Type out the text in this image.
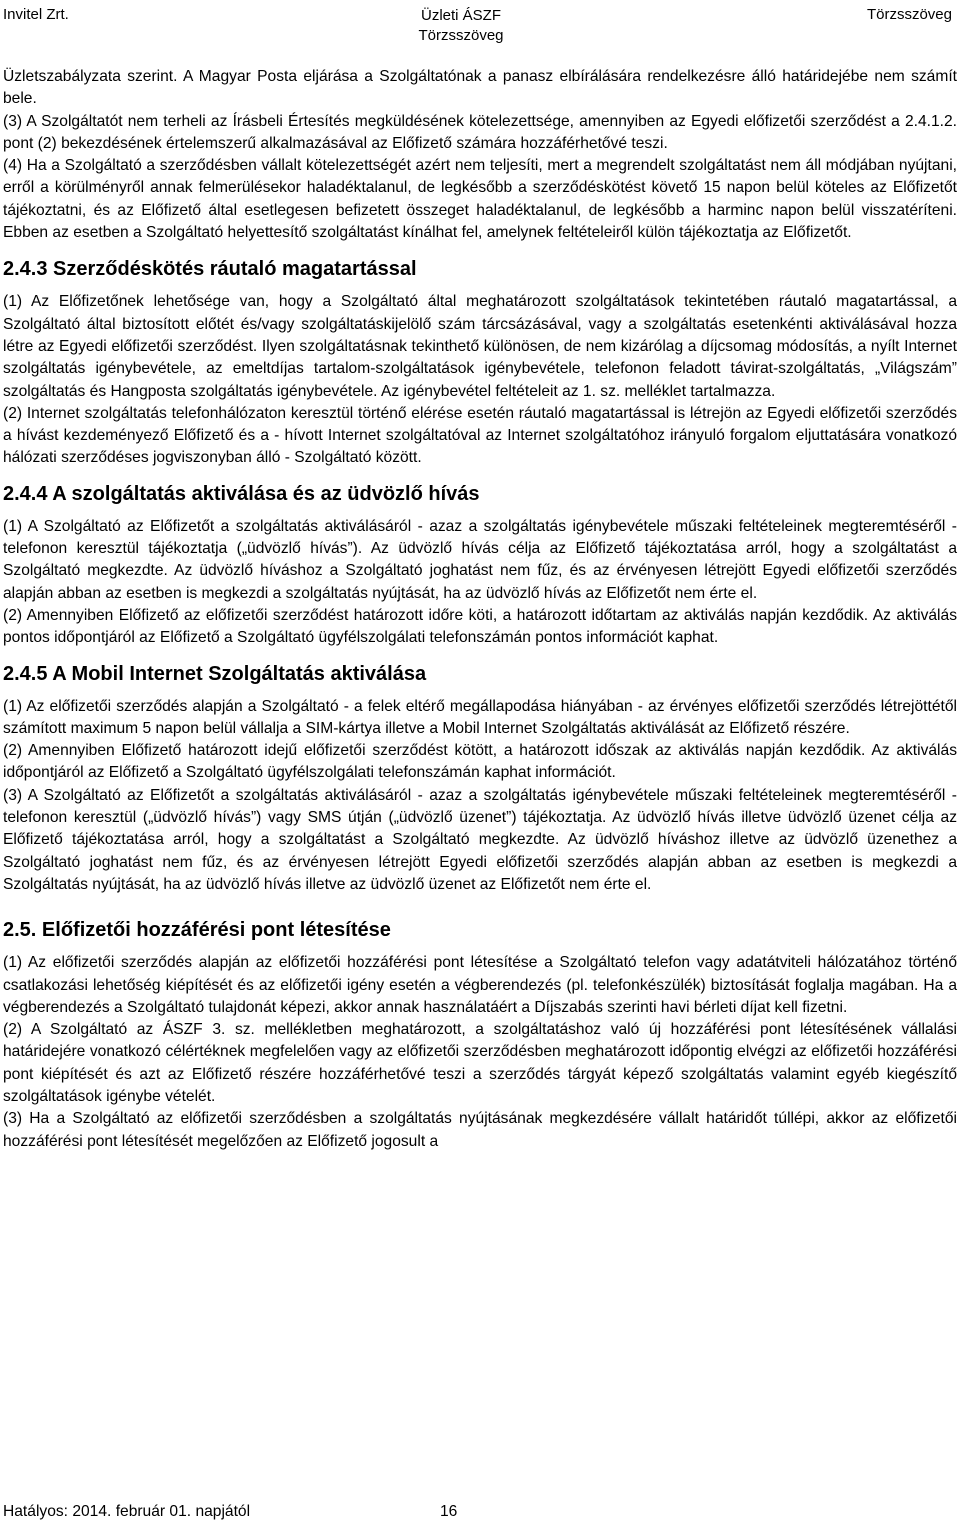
Invitel Zrt.	Üzleti ÁSZF
Törzsszöveg
Törzsszöveg

Üzletszabályzata szerint. A Magyar Posta eljárása a Szolgáltatónak a panasz elbírálására rendelkezésre álló határidejébe nem számít bele.

(3) A Szolgáltatót nem terheli az Írásbeli Értesítés megküldésének kötelezettsége, amennyiben az Egyedi előfizetői szerződést a 2.4.1.2. pont (2) bekezdésének értelemszerű alkalmazásával az Előfizető számára hozzáférhetővé teszi.

(4) Ha a Szolgáltató a szerződésben vállalt kötelezettségét azért nem teljesíti, mert a megrendelt szolgáltatást nem áll módjában nyújtani, erről a körülményről annak felmerülésekor haladéktalanul, de legkésőbb a szerződéskötést követő 15 napon belül köteles az Előfizetőt tájékoztatni, és az Előfizető által esetlegesen befizetett összeget haladéktalanul, de legkésőbb a harminc napon belül visszatéríteni. Ebben az esetben a Szolgáltató helyettesítő szolgáltatást kínálhat fel, amelynek feltételeiről külön tájékoztatja az Előfizetőt.

2.4.3 Szerződéskötés ráutaló magatartással

(1) Az Előfizetőnek lehetősége van, hogy a Szolgáltató által meghatározott szolgáltatások tekintetében ráutaló magatartással, a Szolgáltató által biztosított előtét és/vagy szolgáltatáskijelölő szám tárcsázásával, vagy a szolgáltatás esetenkénti aktiválásával hozza létre az Egyedi előfizetői szerződést. Ilyen szolgáltatásnak tekinthető különösen, de nem kizárólag a díjcsomag módosítás, a nyílt Internet szolgáltatás igénybevétele, az emeltdíjas tartalom-szolgáltatások igénybevétele, telefonon feladott távirat-szolgáltatás, „Világszám” szolgáltatás és Hangposta szolgáltatás igénybevétele. Az igénybevétel feltételeit az 1. sz. melléklet tartalmazza.

(2) Internet szolgáltatás telefonhálózaton keresztül történő elérése esetén ráutaló magatartással is létrejön az Egyedi előfizetői szerződés a hívást kezdeményező Előfizető és a - hívott Internet szolgáltatóval az Internet szolgáltatóhoz irányuló forgalom eljuttatására vonatkozó hálózati szerződéses jogviszonyban álló - Szolgáltató között.

2.4.4 A szolgáltatás aktiválása és az üdvözlő hívás

(1) A Szolgáltató az Előfizetőt a szolgáltatás aktiválásáról - azaz a szolgáltatás igénybevétele műszaki feltételeinek megteremtéséről - telefonon keresztül tájékoztatja („üdvözlő hívás”). Az üdvözlő hívás célja az Előfizető tájékoztatása arról, hogy a szolgáltatást a Szolgáltató megkezdte. Az üdvözlő híváshoz a Szolgáltató joghatást nem fűz, és az érvényesen létrejött Egyedi előfizetői szerződés alapján abban az esetben is megkezdi a szolgáltatás nyújtását, ha az üdvözlő hívás az Előfizetőt nem érte el.

(2) Amennyiben Előfizető az előfizetői szerződést határozott időre köti, a határozott időtartam az aktiválás napján kezdődik. Az aktiválás pontos időpontjáról az Előfizető a Szolgáltató ügyfélszolgálati telefonszámán pontos információt kaphat.

2.4.5 A Mobil Internet Szolgáltatás aktiválása

(1) Az előfizetői szerződés alapján a Szolgáltató - a felek eltérő megállapodása hiányában - az érvényes előfizetői szerződés létrejöttétől számított maximum 5 napon belül vállalja a SIM-kártya illetve a Mobil Internet Szolgáltatás aktiválását az Előfizető részére.

(2) Amennyiben Előfizető határozott idejű előfizetői szerződést kötött, a határozott időszak az aktiválás napján kezdődik. Az aktiválás időpontjáról az Előfizető a Szolgáltató ügyfélszolgálati telefonszámán kaphat információt.

(3) A Szolgáltató az Előfizetőt a szolgáltatás aktiválásáról - azaz a szolgáltatás igénybevétele műszaki feltételeinek megteremtéséről - telefonon keresztül („üdvözlő hívás”) vagy SMS útján („üdvözlő üzenet”) tájékoztatja. Az üdvözlő hívás illetve üdvözlő üzenet célja az Előfizető tájékoztatása arról, hogy a szolgáltatást a Szolgáltató megkezdte. Az üdvözlő híváshoz illetve az üdvözlő üzenethez a Szolgáltató joghatást nem fűz, és az érvényesen létrejött Egyedi előfizetői szerződés alapján abban az esetben is megkezdi a Szolgáltatás nyújtását, ha az üdvözlő hívás illetve az üdvözlő üzenet az Előfizetőt nem érte el.

2.5. Előfizetői hozzáférési pont létesítése

(1) Az előfizetői szerződés alapján az előfizetői hozzáférési pont létesítése a Szolgáltató telefon vagy adatátviteli hálózatához történő csatlakozási lehetőség kiépítését és az előfizetői igény esetén a végberendezés (pl. telefonkészülék) biztosítását foglalja magában. Ha a végberendezés a Szolgáltató tulajdonát képezi, akkor annak használatáért a Díjszabás szerinti havi bérleti díjat kell fizetni.

(2) A Szolgáltató az ÁSZF 3. sz. mellékletben meghatározott, a szolgáltatáshoz való új hozzáférési pont létesítésének vállalási határidejére vonatkozó célértéknek megfelelően vagy az előfizetői szerződésben meghatározott időpontig elvégzi az előfizetői hozzáférési pont kiépítését és azt az Előfizető részére hozzáférhetővé teszi a szerződés tárgyát képező szolgáltatás valamint egyéb kiegészítő szolgáltatások igénybe vételét.

(3) Ha a Szolgáltató az előfizetői szerződésben a szolgáltatás nyújtásának megkezdésére vállalt határidőt túllépi, akkor az előfizetői hozzáférési pont létesítését megelőzően az Előfizető jogosult a

Hatályos: 2014. február 01. napjától	16
